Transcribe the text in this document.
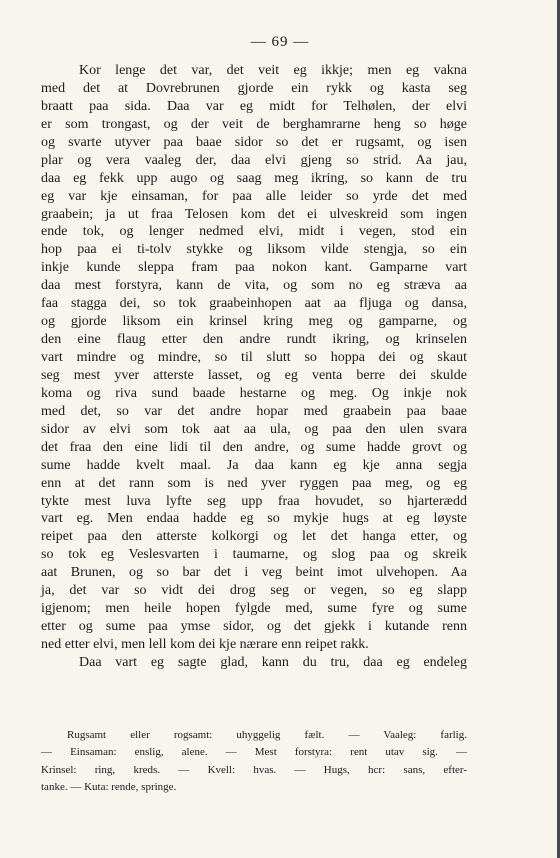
— 69 —
Kor lenge det var, det veit eg ikkje; men eg vakna
med det at Dovrebrunen gjorde ein rykk og kasta seg
braatt paa sida. Daa var eg midt for Telhølen, der elvi
er som trongast, og der veit de berghamrarne heng so høge
og svarte utyver paa baae sidor so det er rugsamt, og isen
plar og vera vaaleg der, daa elvi gjeng so strid. Aa jau,
daa eg fekk upp augo og saag meg ikring, so kann de tru
eg var kje einsaman, for paa alle leider so yrde det med
graabein; ja ut fraa Telosen kom det ei ulveskreid som ingen
ende tok, og lenger nedmed elvi, midt i vegen, stod ein
hop paa ei ti-tolv stykke og liksom vilde stengja, so ein
inkje kunde sleppa fram paa nokon kant. Gamparne vart
daa mest forstyra, kann de vita, og som no eg stræva aa
faa stagga dei, so tok graabeinhopen aat aa fljuga og dansa,
og gjorde liksom ein krinsel kring meg og gamparne, og
den eine flaug etter den andre rundt ikring, og krinselen
vart mindre og mindre, so til slutt so hoppa dei og skaut
seg mest yver atterste lasset, og eg venta berre dei skulde
koma og riva sund baade hestarne og meg. Og inkje nok
med det, so var det andre hopar med graabein paa baae
sidor av elvi som tok aat aa ula, og paa den ulen svara
det fraa den eine lidi til den andre, og sume hadde grovt og
sume hadde kvelt maal. Ja daa kann eg kje anna segja
enn at det rann som is ned yver ryggen paa meg, og eg
tykte mest luva lyfte seg upp fraa hovudet, so hjarterædd
vart eg. Men endaa hadde eg so mykje hugs at eg løyste
reipet paa den atterste kolkorgi og let det hanga etter, og
so tok eg Veslesvarten i taumarne, og slog paa og skreik
aat Brunen, og so bar det i veg beint imot ulvehopen. Aa
ja, det var so vidt dei drog seg or vegen, so eg slapp
igjenom; men heile hopen fylgde med, sume fyre og sume
etter og sume paa ymse sidor, og det gjekk i kutande renn
ned etter elvi, men lell kom dei kje nærare enn reipet rakk.
Daa vart eg sagte glad, kann du tru, daa eg endeleg
Rugsamt eller rogsamt: uhyggelig fælt. — Vaaleg: farlig.
— Einsaman: enslig, alene. — Mest forstyra: rent utav sig. —
Krinsel: ring, kreds. — Kvell: hvas. — Hugs, hcr: sans, efter-
tanke. — Kuta: rende, springe.
